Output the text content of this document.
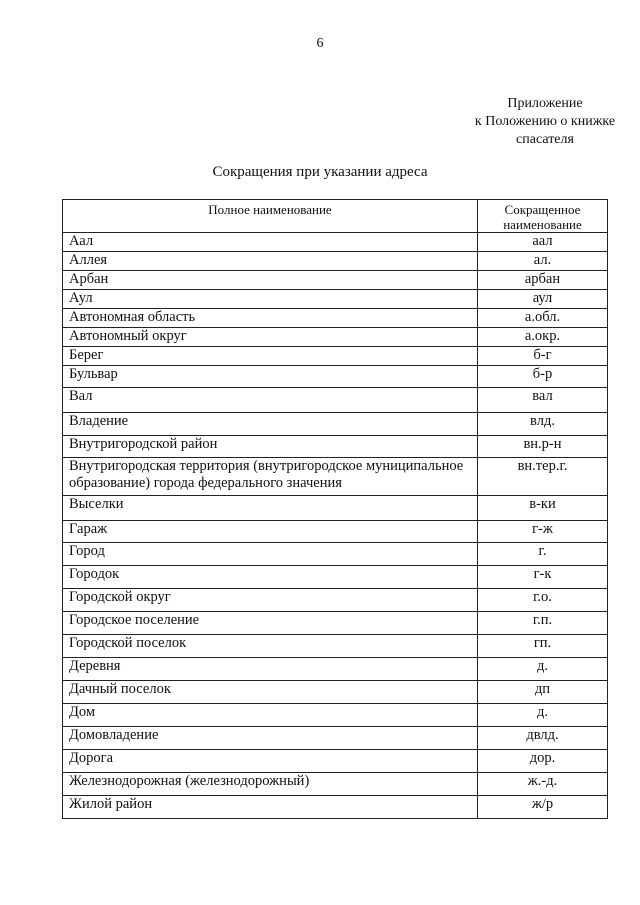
6
Приложение
к Положению о книжке
спасателя
Сокращения при указании адреса
Полное наименование	Сокращенное наименование
Аал	аал
Аллея	ал.
Арбан	арбан
Аул	аул
Автономная область	а.обл.
Автономный округ	а.окр.
Берег	б-г
Бульвар	б-р
Вал	вал
Владение	влд.
Внутригородской район	вн.р-н
Внутригородская территория (внутригородское муниципальное образование) города федерального значения	вн.тер.г.
Выселки	в-ки
Гараж	г-ж
Город	г.
Городок	г-к
Городской округ	г.о.
Городское поселение	г.п.
Городской поселок	гп.
Деревня	д.
Дачный поселок	дп
Дом	д.
Домовладение	двлд.
Дорога	дор.
Железнодорожная (железнодорожный)	ж.-д.
Жилой район	ж/р
